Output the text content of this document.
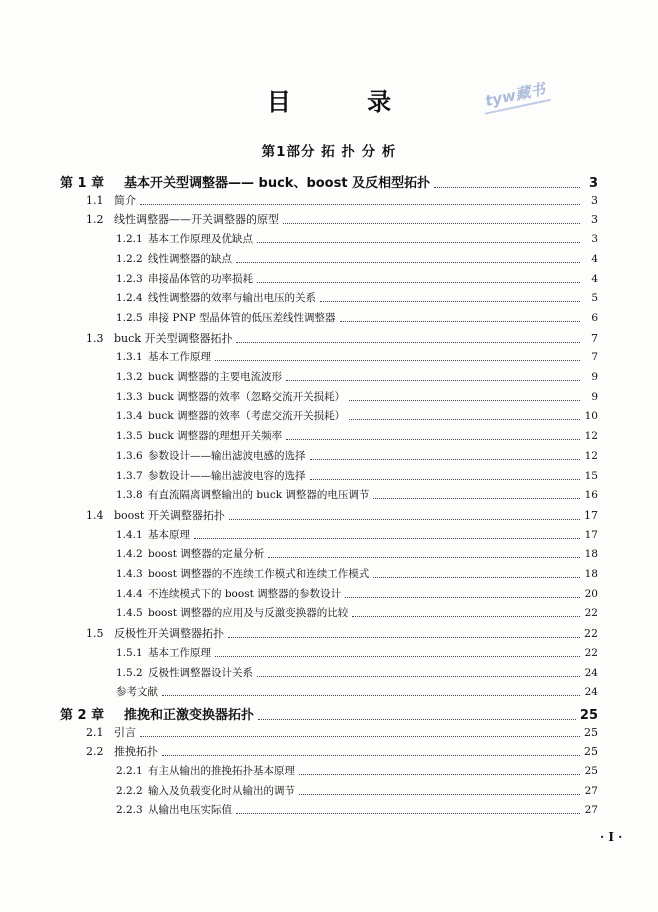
目 录	tyw藏书
第1部分 拓 扑 分 析
第 1 章	基本开关型调整器—— buck、boost 及反相型拓扑	3
1.1 简介	3
1.2 线性调整器——开关调整器的原型	3
1.2.1 基本工作原理及优缺点	3
1.2.2 线性调整器的缺点	4
1.2.3 串接晶体管的功率损耗	4
1.2.4 线性调整器的效率与输出电压的关系	5
1.2.5 串接 PNP 型晶体管的低压差线性调整器	6
1.3 buck 开关型调整器拓扑	7
1.3.1 基本工作原理	7
1.3.2 buck 调整器的主要电流波形	9
1.3.3 buck 调整器的效率（忽略交流开关损耗）	9
1.3.4 buck 调整器的效率（考虑交流开关损耗）	10
1.3.5 buck 调整器的理想开关频率	12
1.3.6 参数设计——输出滤波电感的选择	12
1.3.7 参数设计——输出滤波电容的选择	15
1.3.8 有直流隔离调整输出的 buck 调整器的电压调节	16
1.4 boost 开关调整器拓扑	17
1.4.1 基本原理	17
1.4.2 boost 调整器的定量分析	18
1.4.3 boost 调整器的不连续工作模式和连续工作模式	18
1.4.4 不连续模式下的 boost 调整器的参数设计	20
1.4.5 boost 调整器的应用及与反激变换器的比较	22
1.5 反极性开关调整器拓扑	22
1.5.1 基本工作原理	22
1.5.2 反极性调整器设计关系	24
参考文献	24
第 2 章	推挽和正激变换器拓扑	25
2.1 引言	25
2.2 推挽拓扑	25
2.2.1 有主从输出的推挽拓扑基本原理	25
2.2.2 输入及负载变化时从输出的调节	27
2.2.3 从输出电压实际值	27
· I ·
